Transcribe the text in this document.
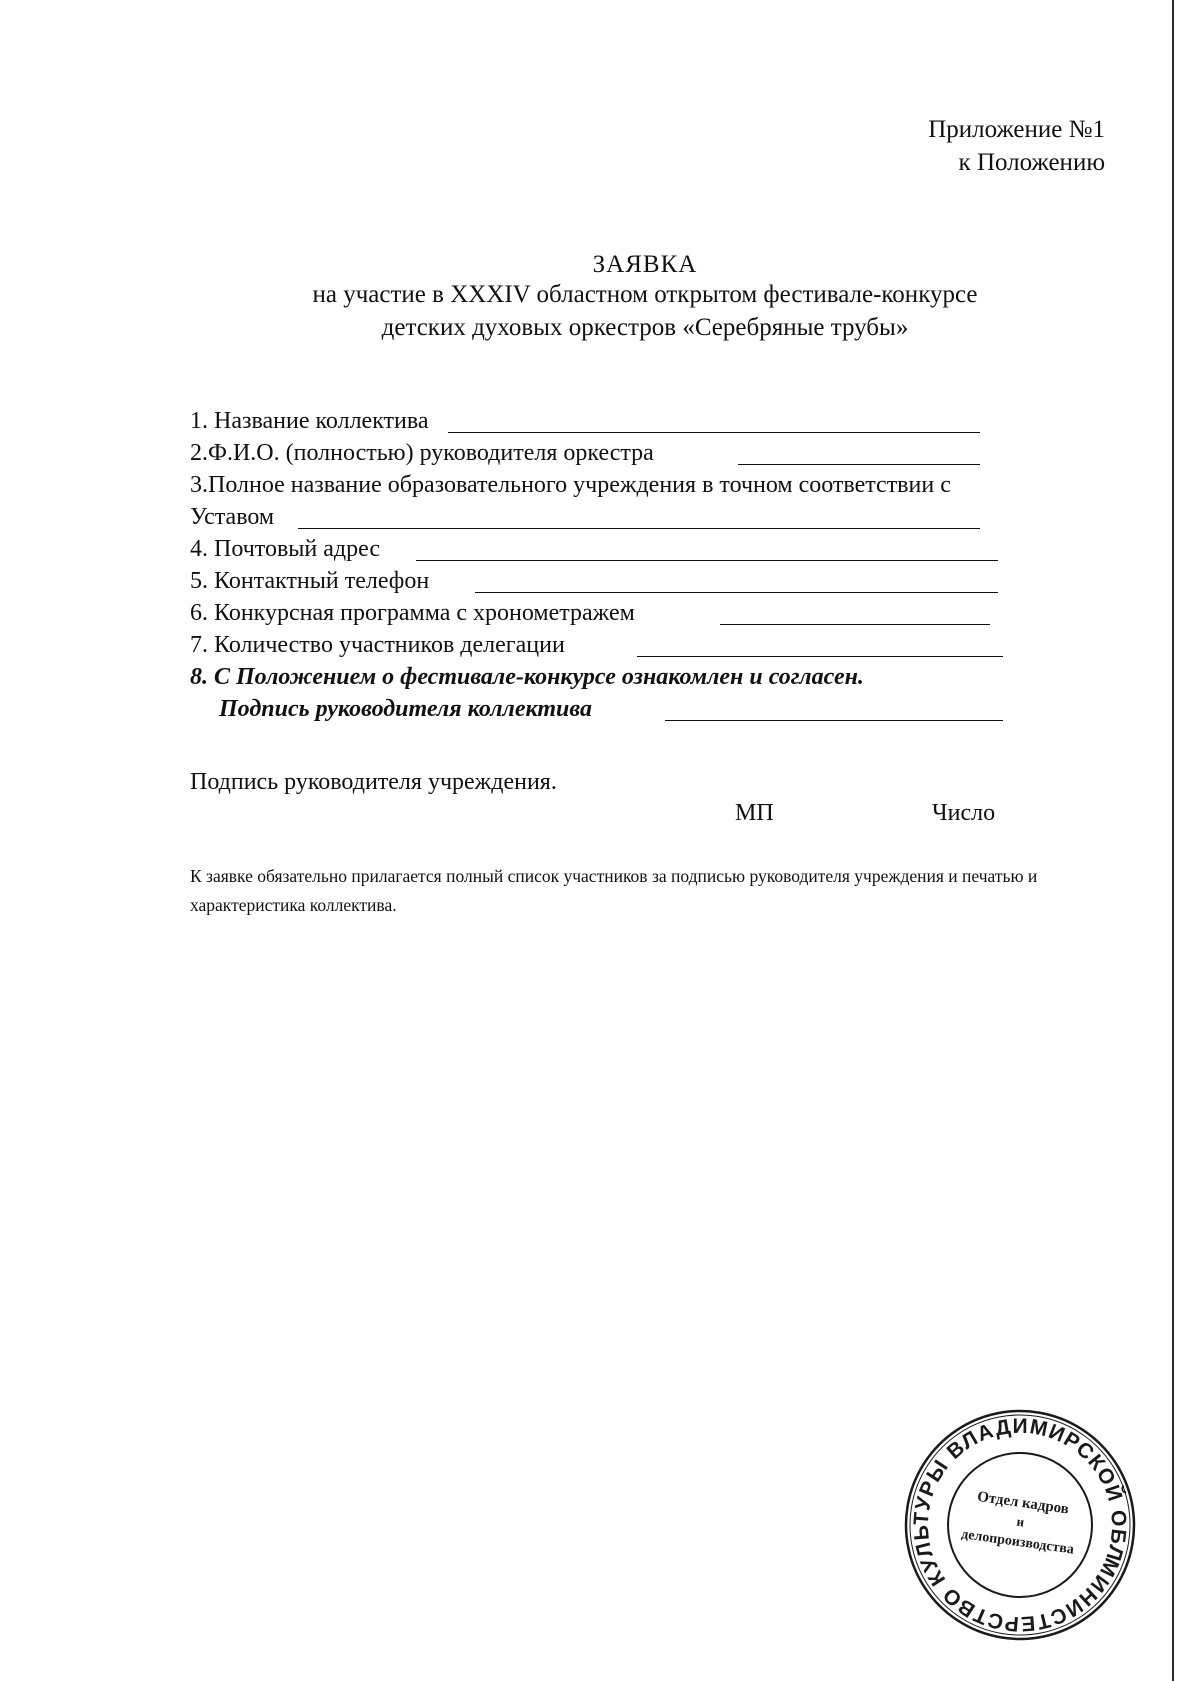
Приложение №1
к Положению
ЗАЯВКА
на участие в XXXIV областном открытом фестивале-конкурсе
детских духовых оркестров «Серебряные трубы»
1. Название коллектива
2.Ф.И.О. (полностью) руководителя оркестра
3.Полное название образовательного учреждения в точном соответствии с
Уставом
4. Почтовый адрес
5. Контактный телефон
6. Конкурсная программа с хронометражем
7. Количество участников делегации
8. С Положением о фестивале-конкурсе ознакомлен и согласен.
Подпись руководителя коллектива
Подпись руководителя учреждения.
МП	Число
К заявке обязательно прилагается полный список участников за подписью руководителя учреждения и печатью и характеристика коллектива.
МИНИСТЕРСТВО КУЛЬТУРЫ ВЛАДИМИРСКОЙ ОБЛАСТИ
Отдел кадров
и
делопроизводства
